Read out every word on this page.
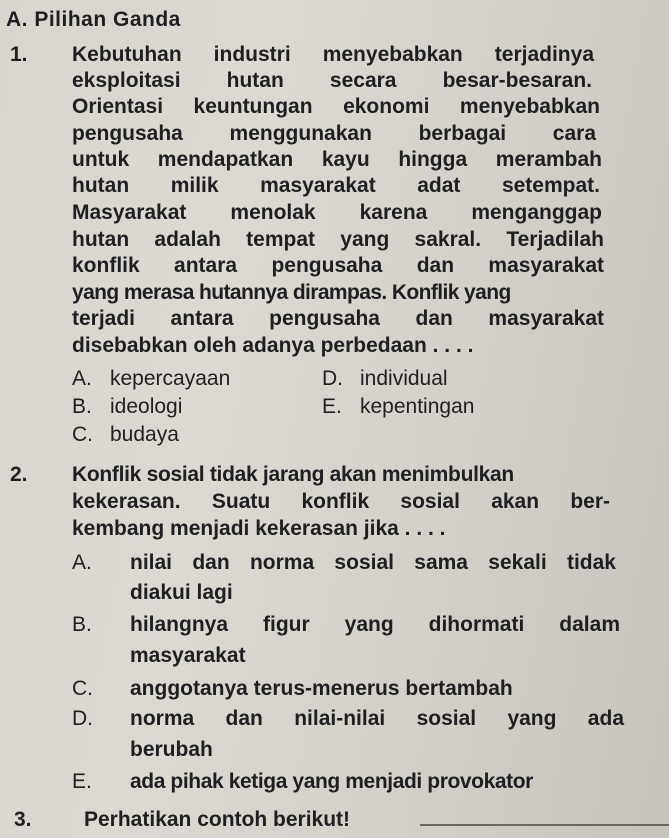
A. Pilihan Ganda
1. Kebutuhan industri menyebabkan terjadinya

eksploitasi hutan secara besar-besaran.

Orientasi keuntungan ekonomi menyebabkan

pengusaha menggunakan berbagai cara

untuk mendapatkan kayu hingga merambah

hutan milik masyarakat adat setempat.

Masyarakat menolak karena menganggap

hutan adalah tempat yang sakral. Terjadilah

konflik antara pengusaha dan masyarakat

yang merasa hutannya dirampas. Konflik yang

terjadi antara pengusaha dan masyarakat

disebabkan oleh adanya perbedaan . . . .

A. kepercayaan
B. ideologi
C. budaya
D. individual
E. kepentingan
2. Konflik sosial tidak jarang akan menimbulkan

kekerasan. Suatu konflik sosial akan ber-

kembang menjadi kekerasan jika . . . .

A. nilai dan norma sosial sama sekali tidak

diakui lagi

B. hilangnya figur yang dihormati dalam

masyarakat

C. anggotanya terus-menerus bertambah

D. norma dan nilai-nilai sosial yang ada

berubah

E. ada pihak ketiga yang menjadi provokator

3. Perhatikan contoh berikut!
